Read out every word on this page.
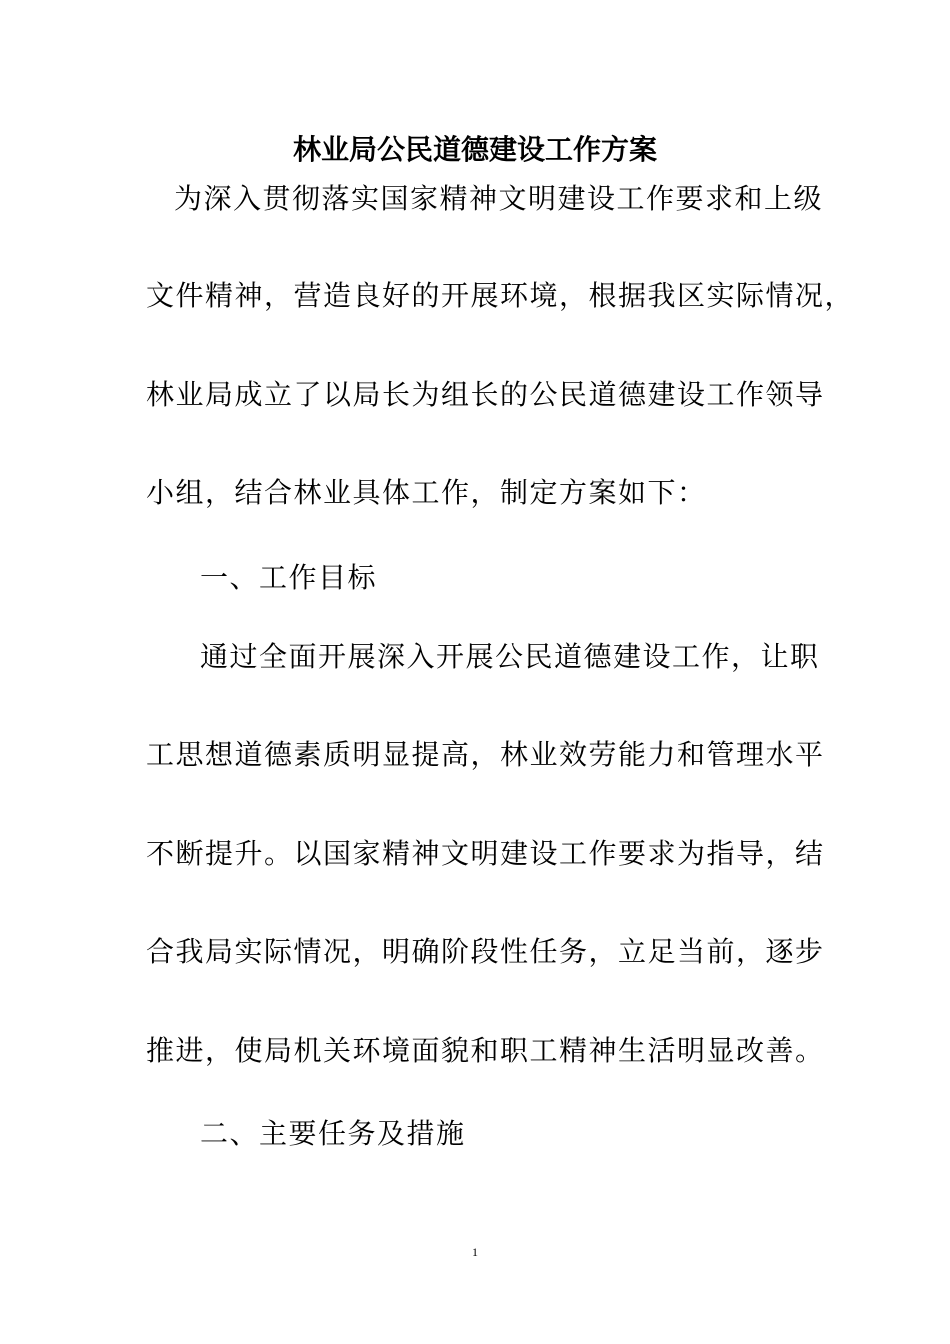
林业局公民道德建设工作方案

为深入贯彻落实国家精神文明建设工作要求和上级

文件精神，营造良好的开展环境，根据我区实际情况，

林业局成立了以局长为组长的公民道德建设工作领导

小组，结合林业具体工作，制定方案如下：

一、工作目标

通过全面开展深入开展公民道德建设工作，让职

工思想道德素质明显提高，林业效劳能力和管理水平

不断提升。以国家精神文明建设工作要求为指导，结

合我局实际情况，明确阶段性任务，立足当前，逐步

推进，使局机关环境面貌和职工精神生活明显改善。

二、主要任务及措施

1
